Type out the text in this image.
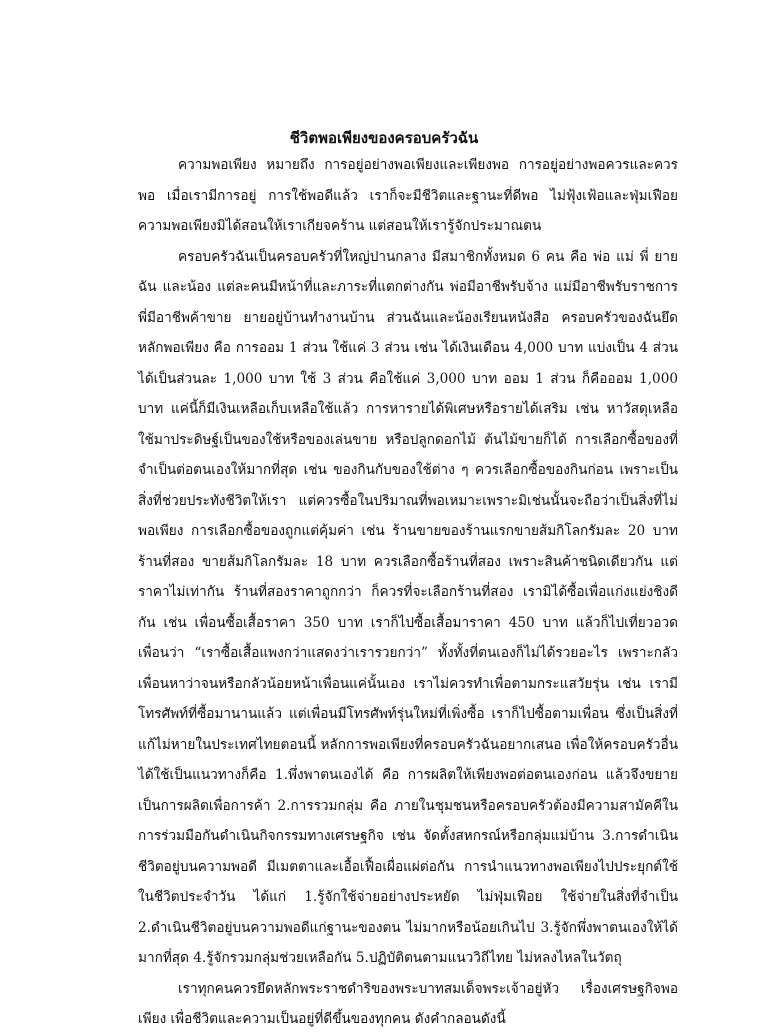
ชีวิตพอเพียงของครอบครัวฉัน

ความพอเพียง หมายถึง การอยู่อย่างพอเพียงและเพียงพอ การอยู่อย่างพอควรและควรพอ เมื่อเรามีการอยู่ การใช้พอดีแล้ว เราก็จะมีชีวิตและฐานะที่ดีพอ ไม่ฟุ้งเฟ้อและฟุ่มเฟือย ความพอเพียงมิได้สอนให้เราเกียจคร้าน แต่สอนให้เรารู้จักประมาณตน

ครอบครัวฉันเป็นครอบครัวที่ใหญ่ปานกลาง มีสมาชิกทั้งหมด 6 คน คือ พ่อ แม่ พี่ ยาย ฉัน และน้อง แต่ละคนมีหน้าที่และภาระที่แตกต่างกัน พ่อมีอาชีพรับจ้าง แม่มีอาชีพรับราชการ พี่มีอาชีพค้าขาย ยายอยู่บ้านทำงานบ้าน ส่วนฉันและน้องเรียนหนังสือ ครอบครัวของฉันยึดหลักพอเพียง คือ การออม 1 ส่วน ใช้แค่ 3 ส่วน เช่น ได้เงินเดือน 4,000 บาท แบ่งเป็น 4 ส่วน ได้เป็นส่วนละ 1,000 บาท ใช้ 3 ส่วน คือใช้แค่ 3,000 บาท ออม 1 ส่วน ก็คือออม 1,000 บาท แค่นี้ก็มีเงินเหลือเก็บเหลือใช้แล้ว การหารายได้พิเศษหรือรายได้เสริม เช่น หาวัสดุเหลือใช้มาประดิษฐ์เป็นของใช้หรือของเล่นขาย หรือปลูกดอกไม้ ต้นไม้ขายก็ได้ การเลือกซื้อของที่จำเป็นต่อตนเองให้มากที่สุด เช่น ของกินกับของใช้ต่าง ๆ ควรเลือกซื้อของกินก่อน เพราะเป็นสิ่งที่ช่วยประทังชีวิตให้เรา แต่ควรซื้อในปริมาณที่พอเหมาะเพราะมิเช่นนั้นจะถือว่าเป็นสิ่งที่ไม่พอเพียง การเลือกซื้อของถูกแต่คุ้มค่า เช่น ร้านขายของร้านแรกขายส้มกิโลกรัมละ 20 บาท ร้านที่สอง ขายส้มกิโลกรัมละ 18 บาท ควรเลือกซื้อร้านที่สอง เพราะสินค้าชนิดเดียวกัน แต่ราคาไม่เท่ากัน ร้านที่สองราคาถูกกว่า ก็ควรที่จะเลือกร้านที่สอง เรามิได้ซื้อเพื่อแก่งแย่งชิงดีกัน เช่น เพื่อนซื้อเสื้อราคา 350 บาท เราก็ไปซื้อเสื้อมาราคา 450 บาท แล้วก็ไปเที่ยวอวดเพื่อนว่า “เราซื้อเสื้อแพงกว่าแสดงว่าเรารวยกว่า” ทั้งทั้งที่ตนเองก็ไม่ได้รวยอะไร เพราะกลัวเพื่อนหาว่าจนหรือกลัวน้อยหน้าเพื่อนแค่นั้นเอง เราไม่ควรทำเพื่อตามกระแสวัยรุ่น เช่น เรามีโทรศัพท์ที่ซื้อมานานแล้ว แต่เพื่อนมีโทรศัพท์รุ่นใหม่ที่เพิ่งซื้อ เราก็ไปซื้อตามเพื่อน ซึ่งเป็นสิ่งที่แก้ไม่หายในประเทศไทยตอนนี้ หลักการพอเพียงที่ครอบครัวฉันอยากเสนอ เพื่อให้ครอบครัวอื่นได้ใช้เป็นแนวทางก็คือ 1.พึ่งพาตนเองได้ คือ การผลิตให้เพียงพอต่อตนเองก่อน แล้วจึงขยายเป็นการผลิตเพื่อการค้า 2.การรวมกลุ่ม คือ ภายในชุมชนหรือครอบครัวต้องมีความสามัคคีในการร่วมมือกันดำเนินกิจกรรมทางเศรษฐกิจ เช่น จัดตั้งสหกรณ์หรือกลุ่มแม่บ้าน 3.การดำเนินชีวิตอยู่บนความพอดี มีเมตตาและเอื้อเฟื้อเผื่อแผ่ต่อกัน การนำแนวทางพอเพียงไปประยุกต์ใช้ในชีวิตประจำวัน ได้แก่ 1.รู้จักใช้จ่ายอย่างประหยัด ไม่ฟุ่มเฟือย ใช้จ่ายในสิ่งที่จำเป็น 2.ดำเนินชีวิตอยู่บนความพอดีแก่ฐานะของตน ไม่มากหรือน้อยเกินไป 3.รู้จักพึ่งพาตนเองให้ได้มากที่สุด 4.รู้จักรวมกลุ่มช่วยเหลือกัน 5.ปฏิบัติตนตามแนววิถีไทย ไม่หลงไหลในวัตถุ

เราทุกคนควรยึดหลักพระราชดำริของพระบาทสมเด็จพระเจ้าอยู่หัว เรื่องเศรษฐกิจพอเพียง เพื่อชีวิตและความเป็นอยู่ที่ดีขึ้นของทุกคน ดังคำกลอนดังนี้
